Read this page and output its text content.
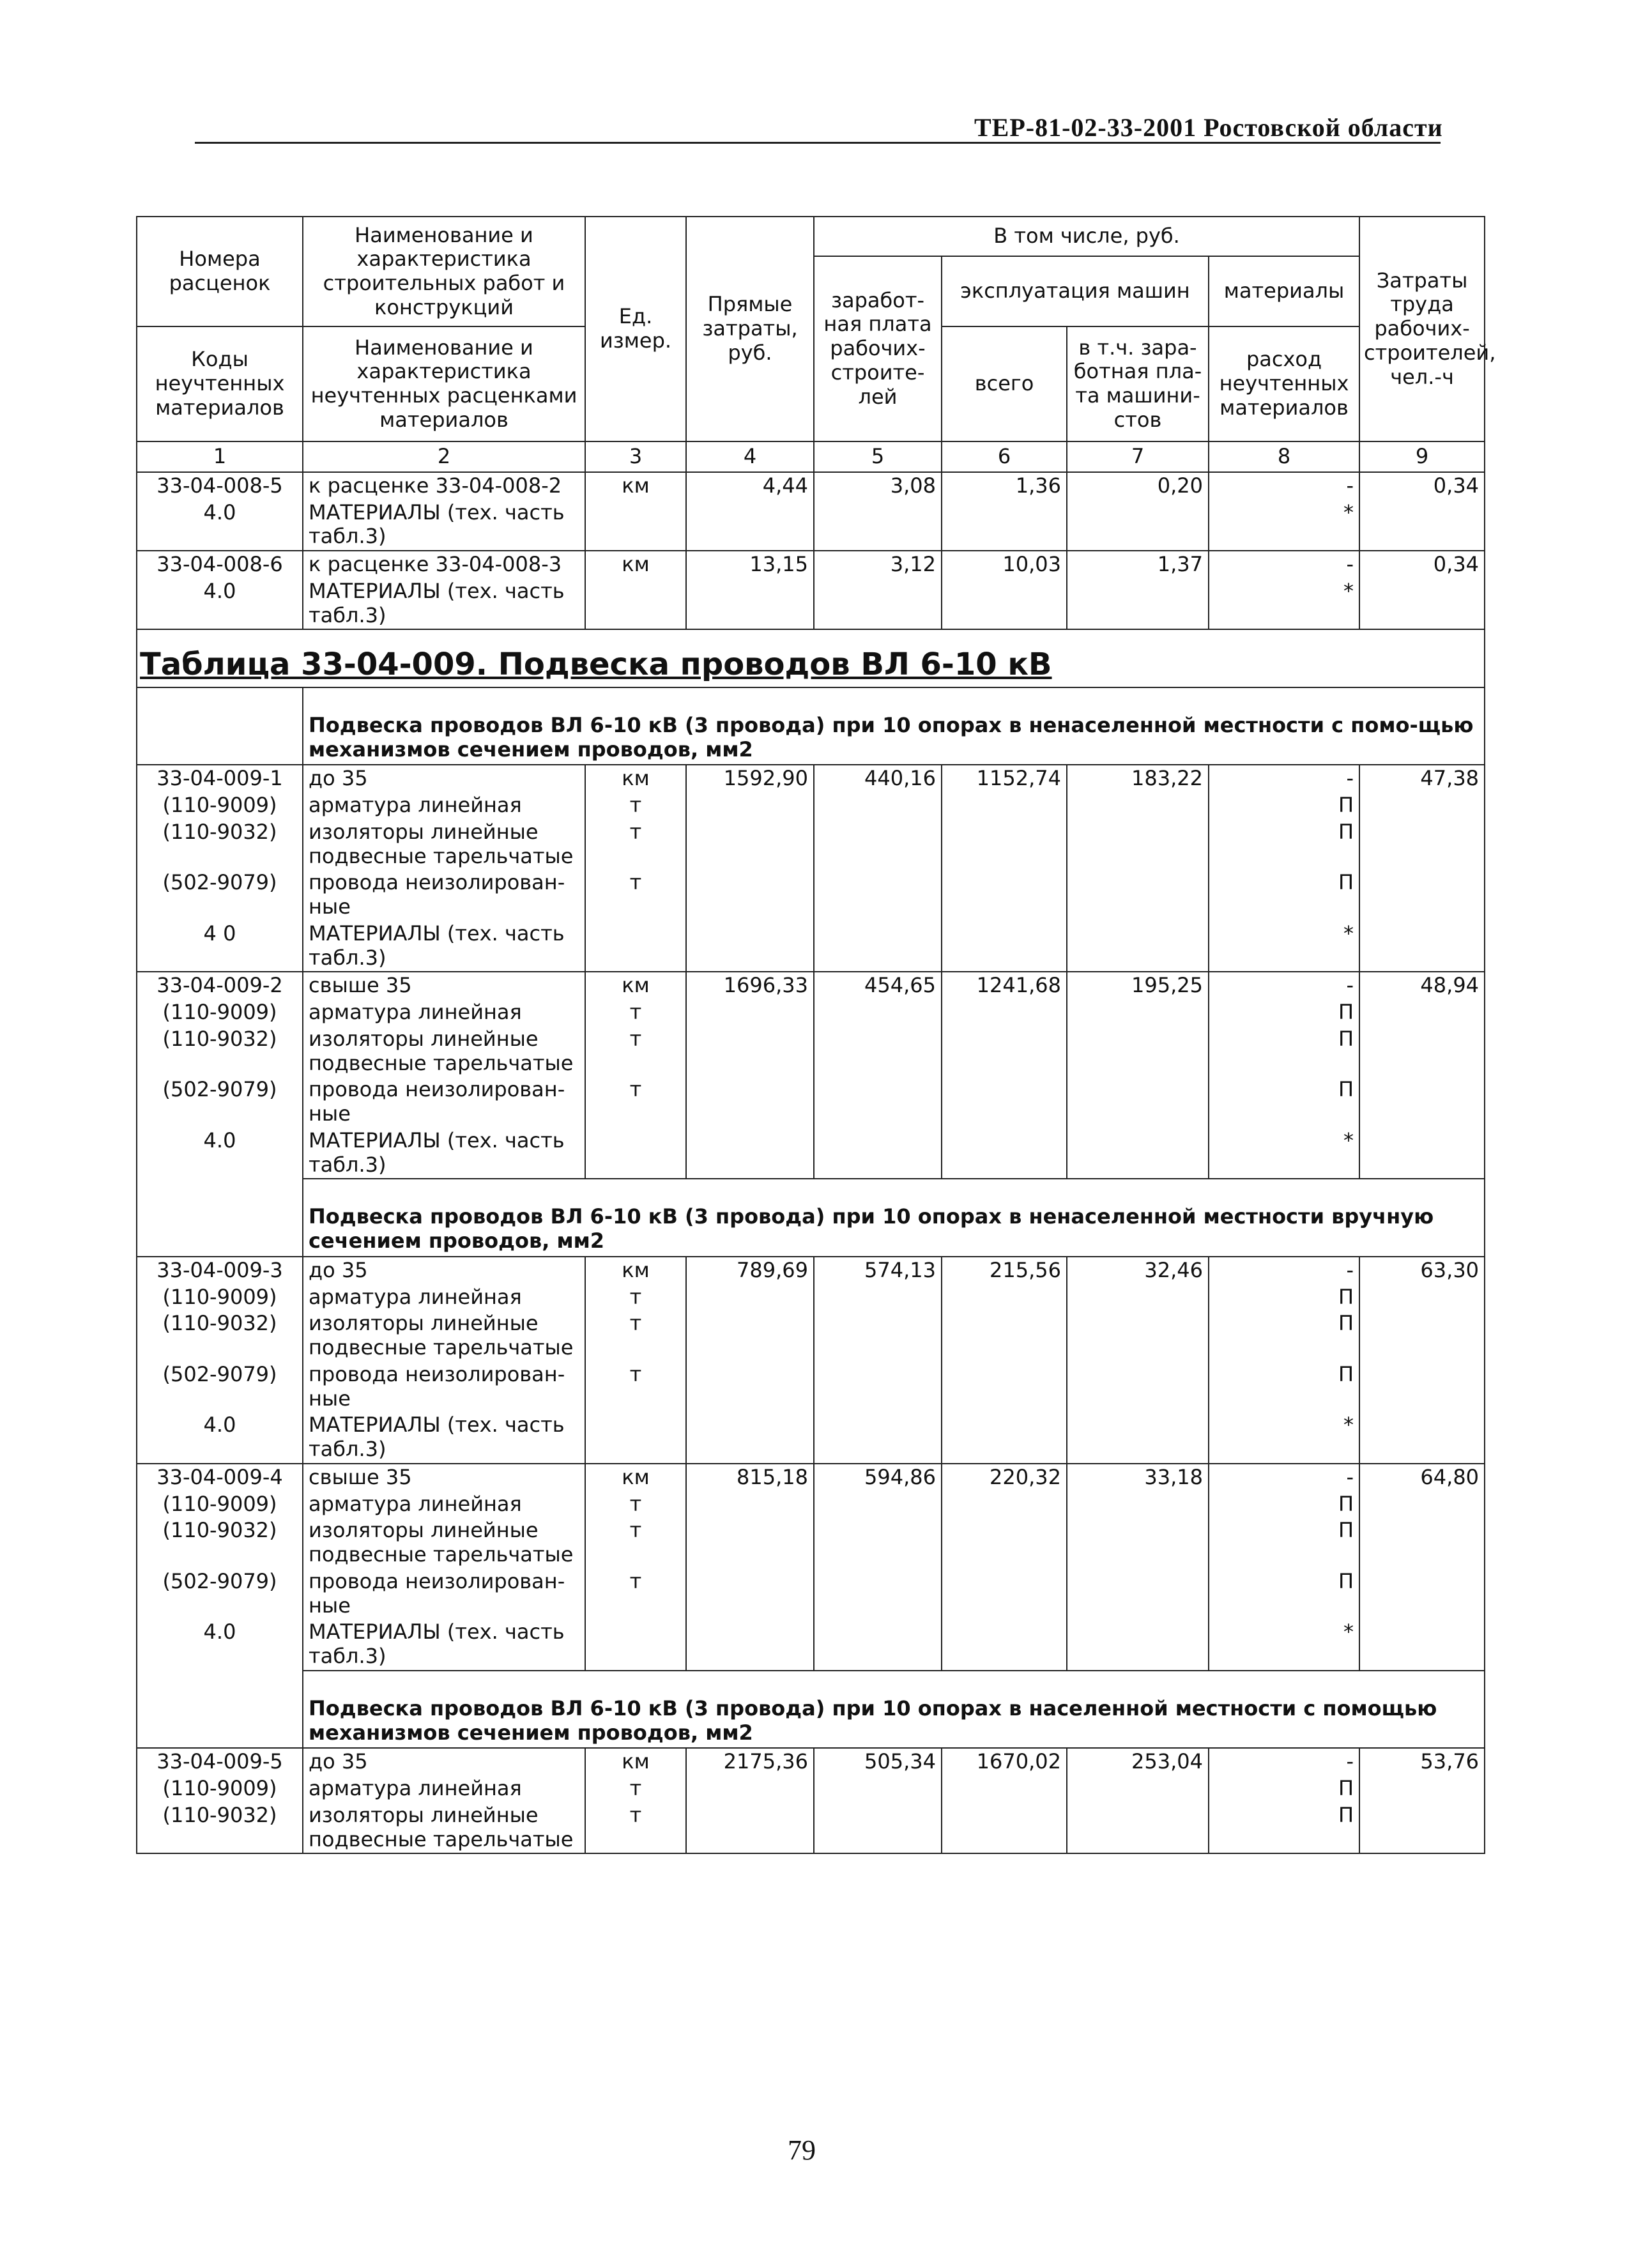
ТЕР-81-02-33-2001 Ростовской области
Номера расценок	Наименование и характеристика строительных работ и конструкций	Ед. измер.	Прямые затраты, руб.	В том числе, руб.				Затраты труда рабочих-строителей, чел.-ч
				заработ-ная плата рабочих-строите-лей	эксплуатация машин		материалы	
Коды неучтенных материалов	Наименование и характеристика неучтенных расценками материалов				всего	в т.ч. зара-ботная пла-та машини-стов	расход неучтенных материалов	

1	2	3	4	5	6	7	8	9
33-04-008-5	к расценке 33-04-008-2	км	4,44	3,08	1,36	0,20	-	0,34
4.0	МАТЕРИАЛЫ (тех. часть табл.3)						*	
33-04-008-6	к расценке 33-04-008-3	км	13,15	3,12	10,03	1,37	-	0,34
4.0	МАТЕРИАЛЫ (тех. часть табл.3)						*	
Таблица 33-04-009. Подвеска проводов ВЛ 6-10 кВ								
	Подвеска проводов ВЛ 6-10 кВ (3 провода) при 10 опорах в ненаселенной местности с помо-щью механизмов сечением проводов, мм2							
33-04-009-1	до 35	км	1592,90	440,16	1152,74	183,22	-	47,38
(110-9009)	арматура линейная	т					П	
(110-9032)	изоляторы линейные подвесные тарельчатые	т					П	
(502-9079)	провода неизолирован-ные	т					П	
4 0	МАТЕРИАЛЫ (тех. часть табл.3)						*	
33-04-009-2	свыше 35	км	1696,33	454,65	1241,68	195,25	-	48,94
(110-9009)	арматура линейная	т					П	
(110-9032)	изоляторы линейные подвесные тарельчатые	т					П	
(502-9079)	провода неизолирован-ные	т					П	
4.0	МАТЕРИАЛЫ (тех. часть табл.3)						*	
	Подвеска проводов ВЛ 6-10 кВ (3 провода) при 10 опорах в ненаселенной местности вручную сечением проводов, мм2							
33-04-009-3	до 35	км	789,69	574,13	215,56	32,46	-	63,30
(110-9009)	арматура линейная	т					П	
(110-9032)	изоляторы линейные подвесные тарельчатые	т					П	
(502-9079)	провода неизолирован-ные	т					П	
4.0	МАТЕРИАЛЫ (тех. часть табл.3)						*	
33-04-009-4	свыше 35	км	815,18	594,86	220,32	33,18	-	64,80
(110-9009)	арматура линейная	т					П	
(110-9032)	изоляторы линейные подвесные тарельчатые	т					П	
(502-9079)	провода неизолирован-ные	т					П	
4.0	МАТЕРИАЛЫ (тех. часть табл.3)						*	
	Подвеска проводов ВЛ 6-10 кВ (3 провода) при 10 опорах в населенной местности с помощью механизмов сечением проводов, мм2							
33-04-009-5	до 35	км	2175,36	505,34	1670,02	253,04	-	53,76
(110-9009)	арматура линейная	т					П	
(110-9032)	изоляторы линейные подвесные тарельчатые	т					П	
79
